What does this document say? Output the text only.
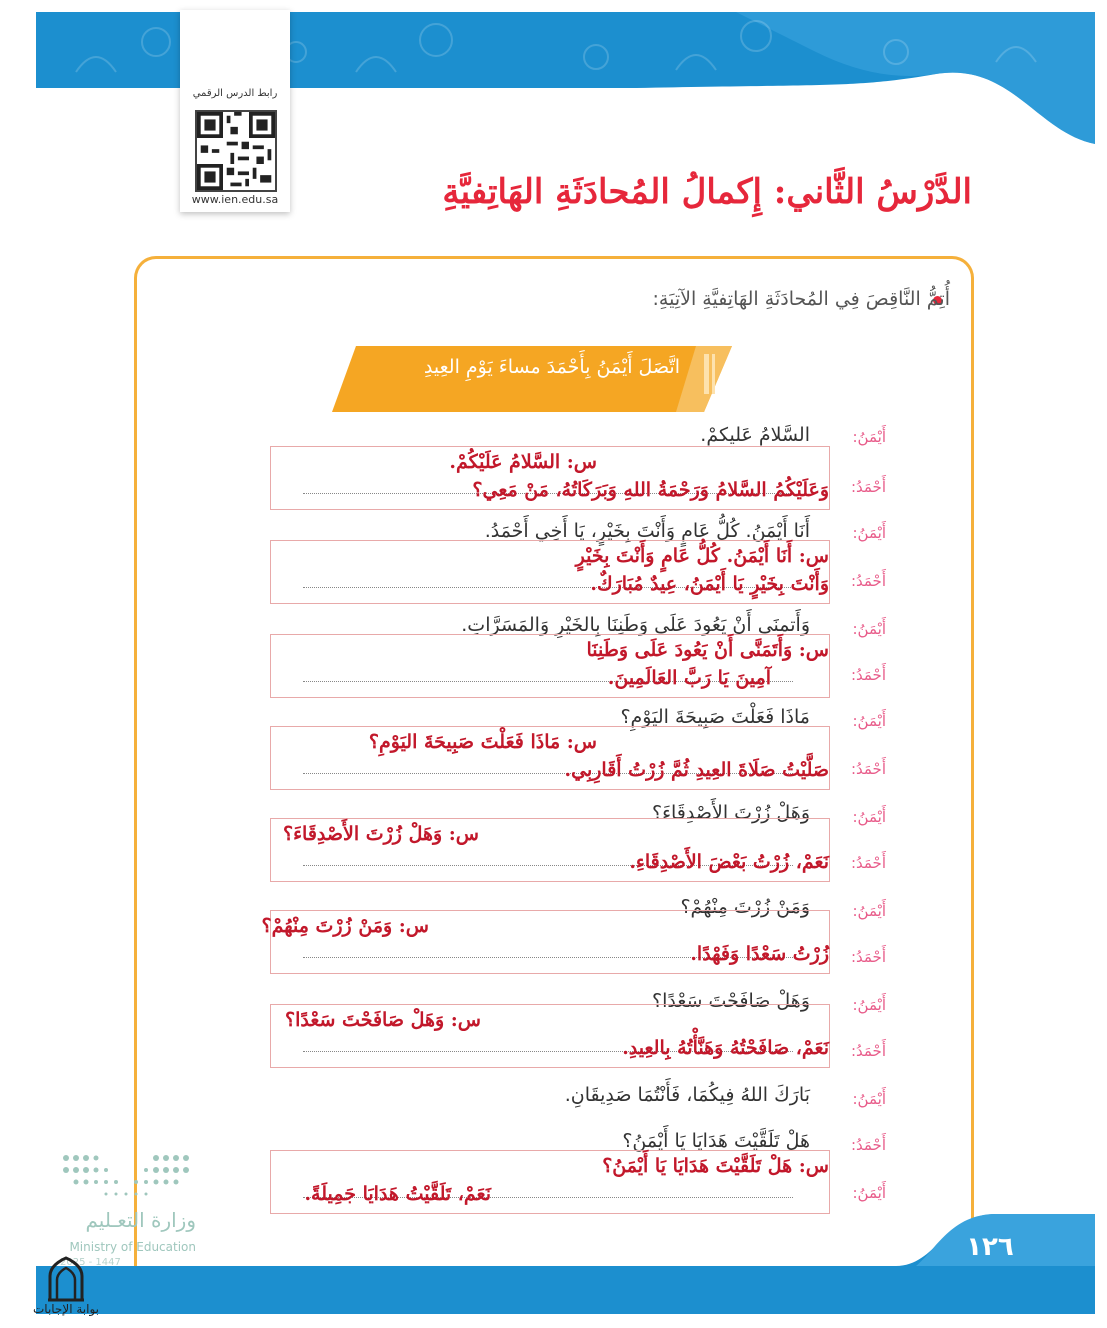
رابط الدرس الرقمي
www.ien.edu.sa	الدَّرْسُ الثَّاني: إِكمالُ المُحادَثَةِ الهَاتِفيَّةِ
أُتِمُّ النَّاقِصَ فِي المُحادَثَةِ الهَاتِفيَّةِ الآتِيَةِ:
اتَّصَلَ أَيْمَنُ بِأَحْمَدَ مساءَ يَوْمِ العِيدِ
أَيْمَنُ:
السَّلامُ عَليكمْ.
س: السَّلامُ عَلَيْكُمْ.
وَعَلَيْكُمُ السَّلامُ وَرَحْمَةُ اللهِ وَبَرَكَاتُهُ، مَنْ مَعِي؟	أَحْمَدُ:
أَيْمَنُ:
أَنَا أَيْمَنُ. كُلُّ عَامٍ وَأَنْتَ بِخَيْرٍ، يَا أَخِي أَحْمَدُ.
س: أَنَا أَيْمَنُ. كُلُّ عَامٍ وَأَنْتَ بِخَيْرٍ
وَأَنْتَ بِخَيْرٍ يَا أَيْمَنُ، عِيدٌ مُبَارَكٌ.	أَحْمَدُ:
أَيْمَنُ:
وَأَتمنَى أَنْ يَعُودَ عَلَى وَطَنِنَا بِالخَيْرِ وَالمَسَرَّاتِ.
س: وَأَتَمَنَّى أَنْ يَعُودَ عَلَى وَطَنِنَا
آمِينَ يَا رَبَّ العَالَمِينَ.	أَحْمَدُ:
أَيْمَنُ:
مَاذَا فَعَلْتَ صَبِيحَةَ اليَوْمِ؟
س: مَاذَا فَعَلْتَ صَبِيحَةَ اليَوْمِ؟
صَلَّيْتُ صَلَاةَ العِيدِ ثُمَّ زُرْتُ أَقَارِبِي.	أَحْمَدُ:
أَيْمَنُ:
وَهَلْ زُرْتَ الأَصْدِقَاءَ؟
س: وَهَلْ زُرْتَ الأَصْدِقَاءَ؟
نَعَمْ، زُرْتُ بَعْضَ الأَصْدِقَاءِ.	أَحْمَدُ:
أَيْمَنُ:
وَمَنْ زُرْتَ مِنْهُمْ؟
س: وَمَنْ زُرْتَ مِنْهُمْ؟
زُرْتُ سَعْدًا وَفَهْدًا.	أَحْمَدُ:
أَيْمَنُ:
وَهَلْ صَافَحْتَ سَعْدًا؟
س: وَهَلْ صَافَحْتَ سَعْدًا؟
نَعَمْ، صَافَحْتُهُ وَهَنَّأْتُهُ بِالعِيدِ.	أَحْمَدُ:
أَيْمَنُ:
بَارَكَ اللهُ فِيكُمَا، فَأَنْتُمَا صَدِيقَانِ.
أَحْمَدُ:
هَلْ تَلَقَّيْتَ هَدَايَا يَا أَيْمَنُ؟
س: هَلْ تَلَقَّيْتَ هَدَايَا يَا أَيْمَنُ؟
نَعَمْ، تَلَقَّيْتُ هَدَايَا جَمِيلَةً.	أَيْمَنُ:
١٢٦
وزارة التعـليم
Ministry of Education
2025 - 1447
بوابة الإجابات
